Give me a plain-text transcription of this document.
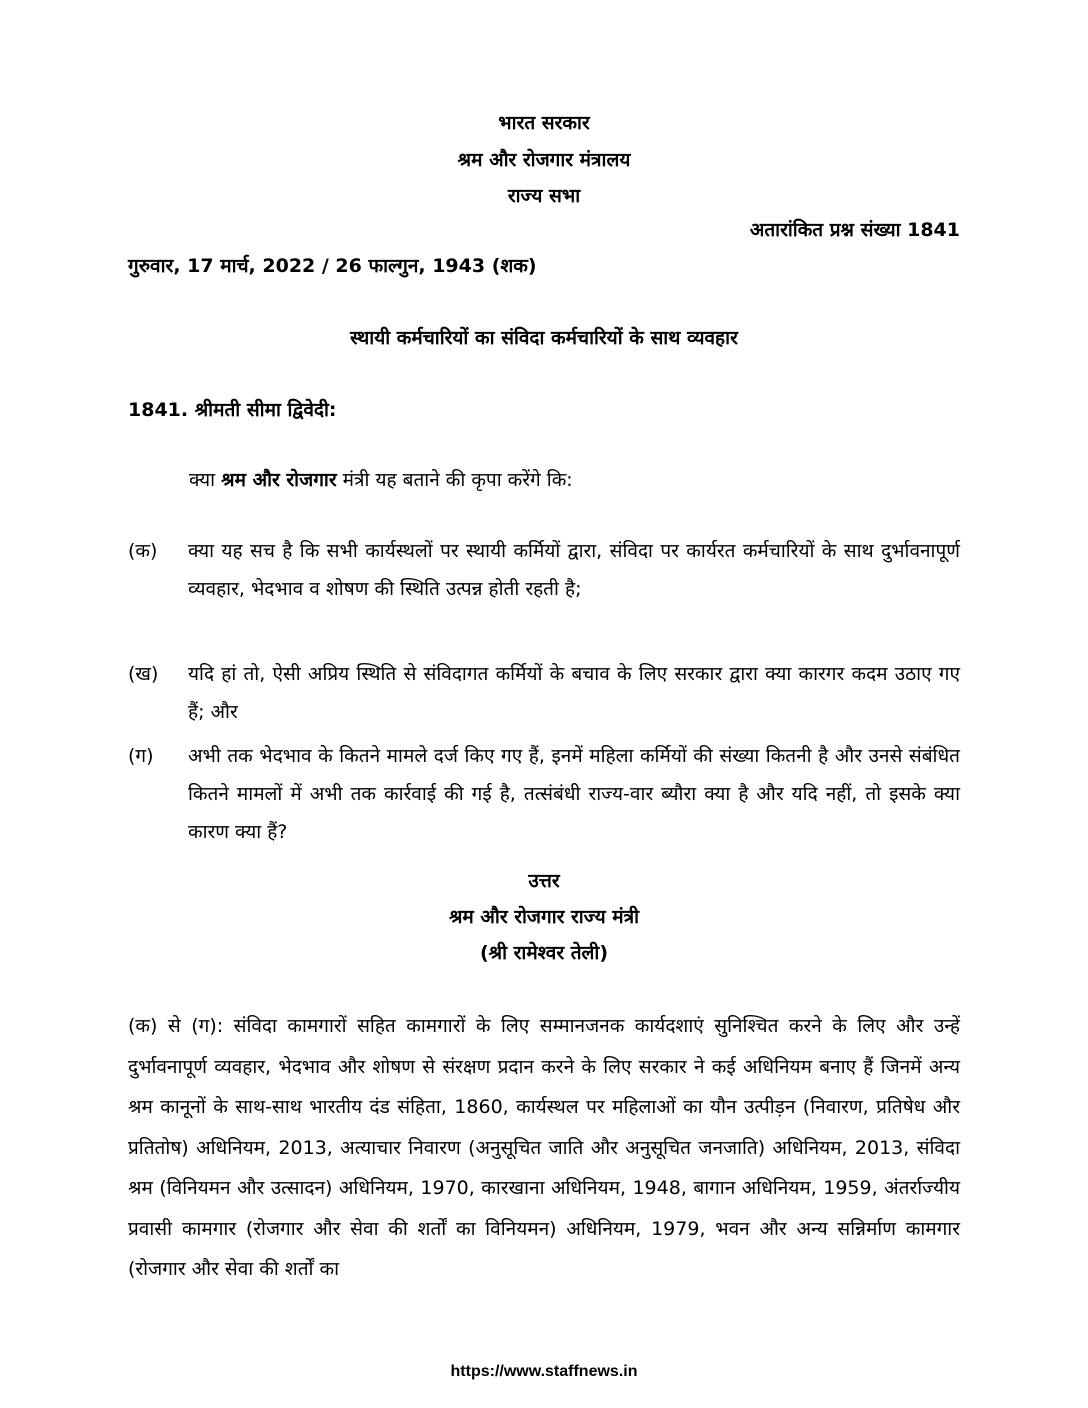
भारत सरकार
श्रम और रोजगार मंत्रालय
राज्य सभा
अतारांकित प्रश्न संख्या 1841
गुरुवार, 17 मार्च, 2022 / 26 फाल्गुन, 1943 (शक)
स्थायी कर्मचारियों का संविदा कर्मचारियों के साथ व्यवहार
1841. श्रीमती सीमा द्विवेदी:
क्या श्रम और रोजगार मंत्री यह बताने की कृपा करेंगे कि:
(क) क्या यह सच है कि सभी कार्यस्थलों पर स्थायी कर्मियों द्वारा, संविदा पर कार्यरत कर्मचारियों के साथ दुर्भावनापूर्ण व्यवहार, भेदभाव व शोषण की स्थिति उत्पन्न होती रहती है;
(ख) यदि हां तो, ऐसी अप्रिय स्थिति से संविदागत कर्मियों के बचाव के लिए सरकार द्वारा क्या कारगर कदम उठाए गए हैं; और
(ग) अभी तक भेदभाव के कितने मामले दर्ज किए गए हैं, इनमें महिला कर्मियों की संख्या कितनी है और उनसे संबंधित कितने मामलों में अभी तक कार्रवाई की गई है, तत्संबंधी राज्य-वार ब्यौरा क्या है और यदि नहीं, तो इसके क्या कारण क्या हैं?
उत्तर
श्रम और रोजगार राज्य मंत्री
(श्री रामेश्वर तेली)
(क) से (ग): संविदा कामगारों सहित कामगारों के लिए सम्मानजनक कार्यदशाएं सुनिश्चित करने के लिए और उन्हें दुर्भावनापूर्ण व्यवहार, भेदभाव और शोषण से संरक्षण प्रदान करने के लिए सरकार ने कई अधिनियम बनाए हैं जिनमें अन्य श्रम कानूनों के साथ-साथ भारतीय दंड संहिता, 1860, कार्यस्थल पर महिलाओं का यौन उत्पीड़न (निवारण, प्रतिषेध और प्रतितोष) अधिनियम, 2013, अत्याचार निवारण (अनुसूचित जाति और अनुसूचित जनजाति) अधिनियम, 2013, संविदा श्रम (विनियमन और उत्सादन) अधिनियम, 1970, कारखाना अधिनियम, 1948, बागान अधिनियम, 1959, अंतर्राज्यीय प्रवासी कामगार (रोजगार और सेवा की शर्तों का विनियमन) अधिनियम, 1979, भवन और अन्य सन्निर्माण कामगार (रोजगार और सेवा की शर्तों का
https://www.staffnews.in
